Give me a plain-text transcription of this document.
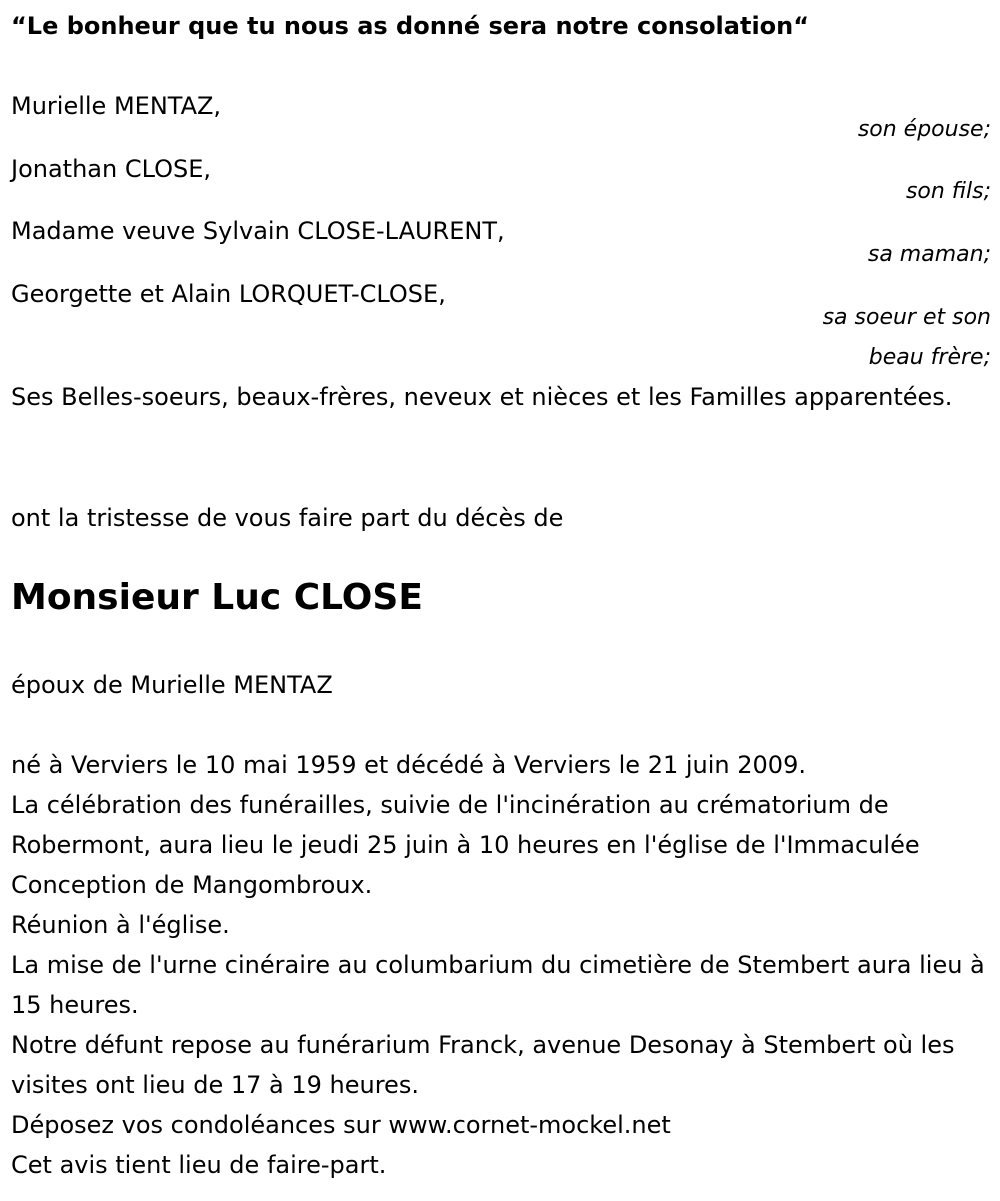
“Le bonheur que tu nous as donné sera notre consolation“
Murielle MENTAZ,
son épouse;
Jonathan CLOSE,
son fils;
Madame veuve Sylvain CLOSE-LAURENT,
sa maman;
Georgette et Alain LORQUET-CLOSE,
sa soeur et son
beau frère;
Ses Belles-soeurs, beaux-frères, neveux et nièces et les Familles apparentées.
ont la tristesse de vous faire part du décès de
Monsieur Luc CLOSE
époux de Murielle MENTAZ
né à Verviers le 10 mai 1959 et décédé à Verviers le 21 juin 2009.
La célébration des funérailles, suivie de l'incinération au crématorium de Robermont, aura lieu le jeudi 25 juin à 10 heures en l'église de l'Immaculée Conception de Mangombroux.
Réunion à l'église.
La mise de l'urne cinéraire au columbarium du cimetière de Stembert aura lieu à 15 heures.
Notre défunt repose au funérarium Franck, avenue Desonay à Stembert où les visites ont lieu de 17 à 19 heures.
Déposez vos condoléances sur www.cornet-mockel.net
Cet avis tient lieu de faire-part.
